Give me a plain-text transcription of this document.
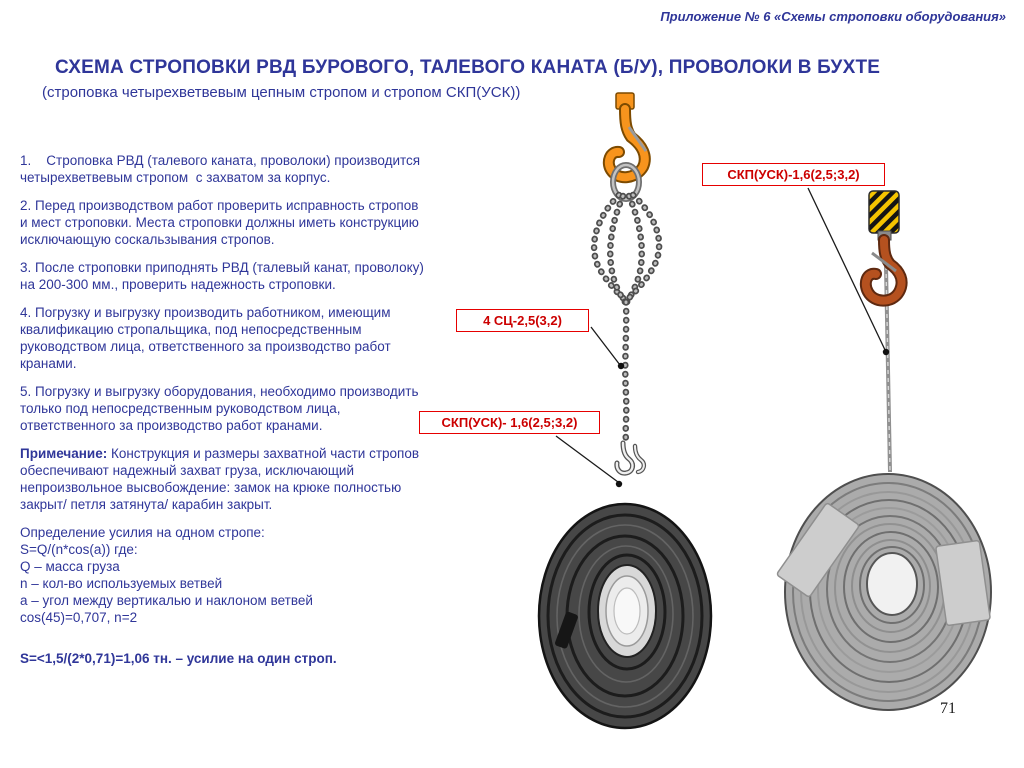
Приложение № 6 «Схемы строповки оборудования»
СХЕМА СТРОПОВКИ РВД БУРОВОГО, ТАЛЕВОГО КАНАТА (Б/У), ПРОВОЛОКИ В БУХТЕ
(строповка четырехветвевым цепным стропом и стропом СКП(УСК))

1.    Строповка РВД (талевого каната, проволоки) производится  четырехветвевым стропом  с захватом за корпус.

2. Перед производством работ проверить исправность стропов и мест строповки. Места строповки должны иметь конструкцию исключающую соскальзывания стропов.

3. После строповки приподнять РВД (талевый канат, проволоку)   на 200-300 мм., проверить надежность строповки.

4. Погрузку и выгрузку производить работником, имеющим квалификацию стропальщика, под непосредственным руководством лица, ответственного за производство работ кранами.

5. Погрузку и выгрузку оборудования, необходимо производить только под непосредственным руководством лица, ответственного за производство работ кранами.

Примечание: Конструкция и размеры захватной части стропов обеспечивают надежный захват груза, исключающий непроизвольное высвобождение: замок на крюке полностью закрыт/ петля затянута/ карабин закрыт.

Определение усилия на одном стропе:
S=Q/(n*cos(a)) где:
Q – масса груза
n – кол-во используемых ветвей
a – угол между вертикалью и наклоном ветвей
cos(45)=0,707, n=2

S=<1,5/(2*0,71)=1,06 тн. – усилие на один строп.

СКП(УСК)-1,6(2,5;3,2)
4 СЦ-2,5(3,2)
СКП(УСК)- 1,6(2,5;3,2)
71
